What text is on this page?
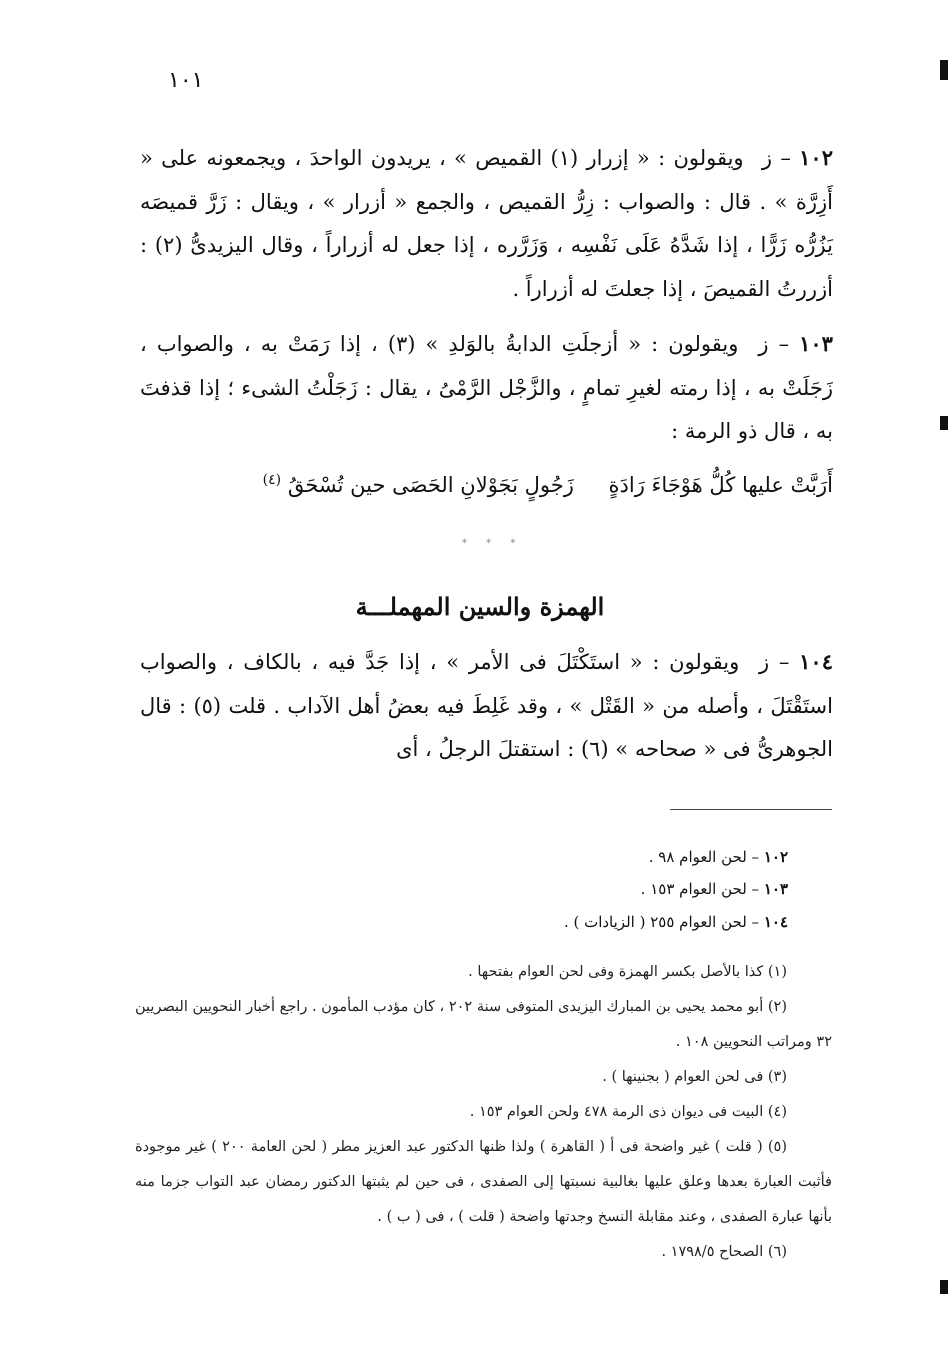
١٠١
١٠٢ – ز ويقولون : « إزرار (١) القميص » ، يريدون الواحدَ ، ويجمعونه على « أَزِرَّة » . قال : والصواب : زِرُّ القميص ، والجمع « أزرار » ، ويقال : زَرَّ قميصَه يَزُرُّه زَرًّا ، إذا شَدَّهُ عَلَى نَفْسِه ، وَزَرَّره ، إذا جعل له أزراراً ، وقال اليزيدىُّ (٢) : أزررتُ القميصَ ، إذا جعلتَ له أزراراً .
١٠٣ – ز ويقولون : « أزجلَتِ الدابةُ بالوَلدِ » (٣) ، إذا رَمَتْ به ، والصواب ، زَجَلَتْ به ، إذا رمته لغيرِ تمامٍ ، والزَّجْل الرَّمْىُ ، يقال : زَجَلْتُ الشىء ؛ إذا قذفتَ به ، قال ذو الرمة :
أَرَبَّتْ عليها كُلُّ هَوْجَاءَ رَادَةٍ زَجُولٍ بَجَوْلانِ الحَصَى حين تُسْحَقُ $^{(٤)}$
* * *
الهمزة والسين المهملـــة
١٠٤ – ز ويقولون : « استَكْتَلَ فى الأمر » ، إذا جَدَّ فيه ، بالكاف ، والصواب استَقْتَلَ ، وأصله من « القَتْل » ، وقد غَلِطَ فيه بعضُ أهل الآداب . قلت (٥) : قال الجوهرىُّ فى « صحاحه » (٦) : استقتلَ الرجلُ ، أى
١٠٢ – لحن العوام ٩٨ .
١٠٣ – لحن العوام ١٥٣ .
١٠٤ – لحن العوام ٢٥٥ ( الزيادات ) .
(١) كذا بالأصل بكسر الهمزة وفى لحن العوام بفتحها .
(٢) أبو محمد يحيى بن المبارك اليزيدى المتوفى سنة ٢٠٢ ، كان مؤدب المأمون . راجع أخبار النحويين البصريين ٣٢ ومراتب النحويين ١٠٨ .
(٣) فى لحن العوام ( بجنينها ) .
(٤) البيت فى ديوان ذى الرمة ٤٧٨ ولحن العوام ١٥٣ .
(٥) ( قلت ) غير واضحة فى أ ( القاهرة ) ولذا ظنها الدكتور عبد العزيز مطر ( لحن العامة ٢٠٠ ) غير موجودة فأثبت العبارة بعدها وعلق عليها بغالبية نسبتها إلى الصفدى ، فى حين لم يثبتها الدكتور رمضان عبد التواب جزما منه بأنها عبارة الصفدى ، وعند مقابلة النسخ وجدتها واضحة ( قلت ) ، فى ( ب ) .
(٦) الصحاح ١٧٩٨/٥ .
